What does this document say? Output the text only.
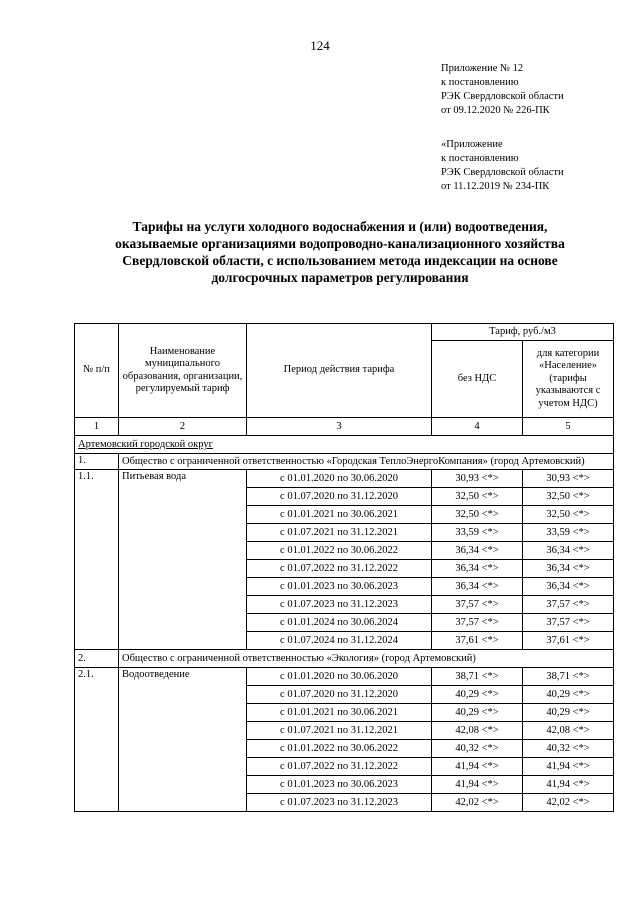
124
Приложение № 12
к постановлению
РЭК Свердловской области
от 09.12.2020 № 226-ПК
«Приложение
к постановлению
РЭК Свердловской области
от 11.12.2019 № 234-ПК
Тарифы на услуги холодного водоснабжения и (или) водоотведения,
оказываемые организациями водопроводно-канализационного хозяйства
Свердловской области, с использованием метода индексации на основе
долгосрочных параметров регулирования
№ п/п	Наименование муниципального образования, организации, регулируемый тариф	Период действия тарифа	Тариф, руб./м3	
			без НДС	для категории «Население» (тарифы указываются с учетом НДС)
1	2	3	4	5
Артемовский городской округ				
1.	Общество с ограниченной ответственностью «Городская ТеплоЭнергоКомпания» (город Артемовский)			
1.1.	Питьевая вода	с 01.01.2020 по 30.06.2020	30,93 <*>	30,93 <*>
		с 01.07.2020 по 31.12.2020	32,50 <*>	32,50 <*>
		с 01.01.2021 по 30.06.2021	32,50 <*>	32,50 <*>
		с 01.07.2021 по 31.12.2021	33,59 <*>	33,59 <*>
		с 01.01.2022 по 30.06.2022	36,34 <*>	36,34 <*>
		с 01.07.2022 по 31.12.2022	36,34 <*>	36,34 <*>
		с 01.01.2023 по 30.06.2023	36,34 <*>	36,34 <*>
		с 01.07.2023 по 31.12.2023	37,57 <*>	37,57 <*>
		с 01.01.2024 по 30.06.2024	37,57 <*>	37,57 <*>
		с 01.07.2024 по 31.12.2024	37,61 <*>	37,61 <*>
2.	Общество с ограниченной ответственностью «Экология» (город Артемовский)			
2.1.	Водоотведение	с 01.01.2020 по 30.06.2020	38,71 <*>	38,71 <*>
		с 01.07.2020 по 31.12.2020	40,29 <*>	40,29 <*>
		с 01.01.2021 по 30.06.2021	40,29 <*>	40,29 <*>
		с 01.07.2021 по 31.12.2021	42,08 <*>	42,08 <*>
		с 01.01.2022 по 30.06.2022	40,32 <*>	40,32 <*>
		с 01.07.2022 по 31.12.2022	41,94 <*>	41,94 <*>
		с 01.01.2023 по 30.06.2023	41,94 <*>	41,94 <*>
		с 01.07.2023 по 31.12.2023	42,02 <*>	42,02 <*>
